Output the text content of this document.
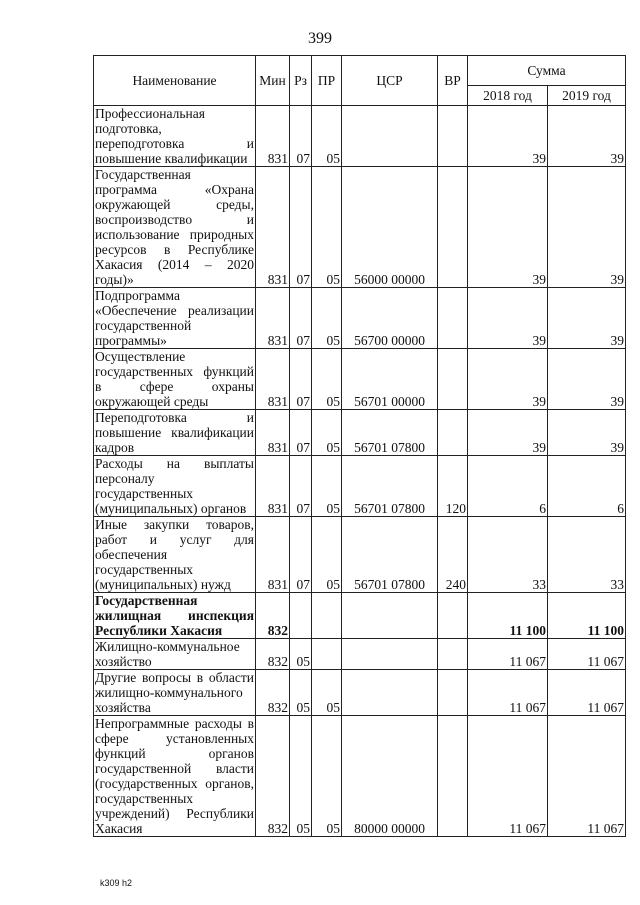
399
Наименование	Мин	Рз	ПР	ЦСР	ВР	Сумма	
						2018 год	2019 год
Профессиональная подготовка, переподготовка и повышение квалификации	831	07	05			39	39
Государственная программа «Охрана окружающей среды, воспроизводство и использование природных ресурсов в Республике Хакасия (2014 – 2020 годы)»	831	07	05	56000 00000		39	39
Подпрограмма «Обеспечение реализации государственной программы»	831	07	05	56700 00000		39	39
Осуществление государственных функций в сфере охраны окружающей среды	831	07	05	56701 00000		39	39
Переподготовка и повышение квалификации кадров	831	07	05	56701 07800		39	39
Расходы на выплаты персоналу государственных (муниципальных) органов	831	07	05	56701 07800	120	6	6
Иные закупки товаров, работ и услуг для обеспечения государственных (муниципальных) нужд	831	07	05	56701 07800	240	33	33
Государственная жилищная инспекция Республики Хакасия	832					11 100	11 100
Жилищно-коммунальное хозяйство	832	05				11 067	11 067
Другие вопросы в области жилищно-коммунального хозяйства	832	05	05			11 067	11 067
Непрограммные расходы в сфере установленных функций органов государственной власти (государственных органов, государственных учреждений) Республики Хакасия	832	05	05	80000 00000		11 067	11 067
k309 h2
